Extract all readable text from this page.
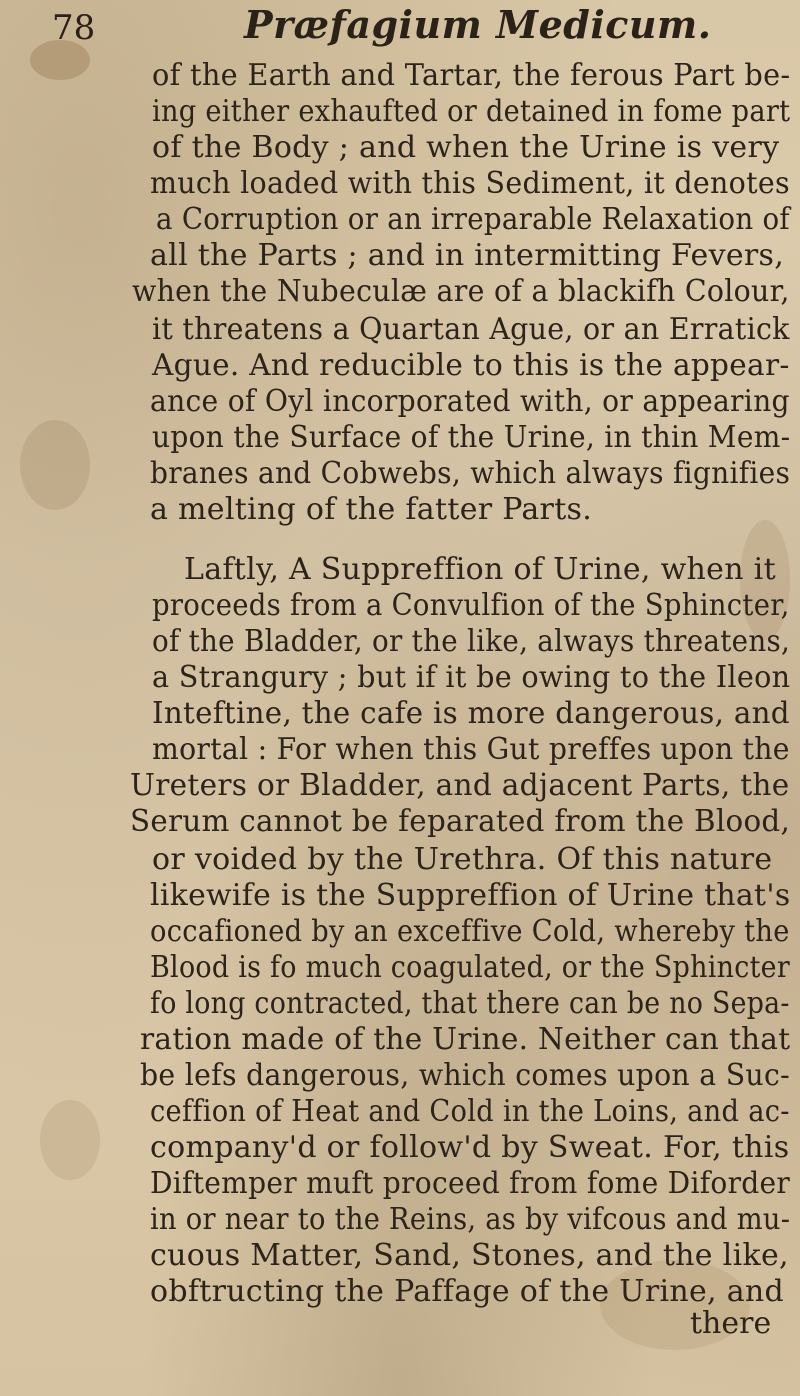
78	Præfagium Medicum.
of the Earth and Tartar, the ferous Part be-
ing either exhaufted or detained in fome part
of the Body ; and when the Urine is very
much loaded with this Sediment, it denotes
a Corruption or an irreparable Relaxation of
all the Parts ; and in intermitting Fevers,
when the Nubeculæ are of a blackifh Colour,
it threatens a Quartan Ague, or an Erratick
Ague. And reducible to this is the appear-
ance of Oyl incorporated with, or appearing
upon the Surface of the Urine, in thin Mem-
branes and Cobwebs, which always fignifies
a melting of the fatter Parts.
Laftly, A Suppreffion of Urine, when it
proceeds from a Convulfion of the Sphincter,
of the Bladder, or the like, always threatens,
a Strangury ; but if it be owing to the Ileon
Inteftine, the cafe is more dangerous, and
mortal : For when this Gut preffes upon the
Ureters or Bladder, and adjacent Parts, the
Serum cannot be feparated from the Blood,
or voided by the Urethra. Of this nature
likewife is the Suppreffion of Urine that's
occafioned by an exceffive Cold, whereby the
Blood is fo much coagulated, or the Sphincter
fo long contracted, that there can be no Sepa-
ration made of the Urine. Neither can that
be lefs dangerous, which comes upon a Suc-
ceffion of Heat and Cold in the Loins, and ac-
company'd or follow'd by Sweat. For, this
Diftemper muft proceed from fome Diforder
in or near to the Reins, as by vifcous and mu-
cuous Matter, Sand, Stones, and the like,
obftructing the Paffage of the Urine, and
there
